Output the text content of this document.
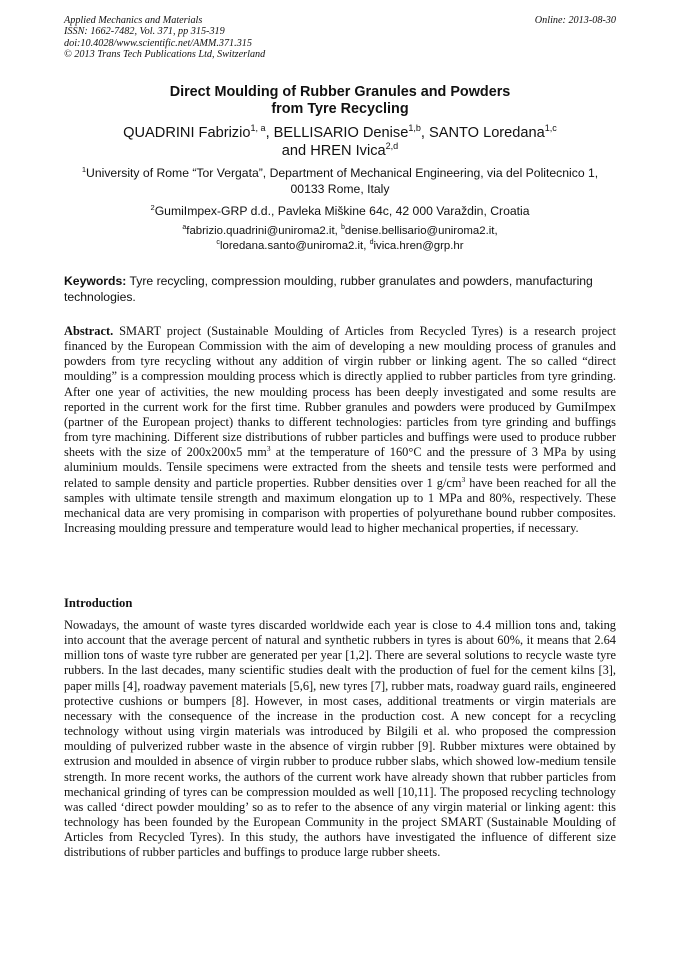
Applied Mechanics and Materials
ISSN: 1662-7482, Vol. 371, pp 315-319
doi:10.4028/www.scientific.net/AMM.371.315
© 2013 Trans Tech Publications Ltd, Switzerland
Online: 2013-08-30
Direct Moulding of Rubber Granules and Powders
from Tyre Recycling
QUADRINI Fabrizio$^{1, a}$, BELLISARIO Denise$^{1,b}$, SANTO Loredana$^{1,c}$
and HREN Ivica$^{2,d}$
$^1$University of Rome “Tor Vergata”, Department of Mechanical Engineering, via del Politecnico 1, 00133 Rome, Italy
$^2$GumiImpex-GRP d.d., Pavleka Miškine 64c, 42 000 Varaždin, Croatia
$^a$fabrizio.quadrini@uniroma2.it, $^b$denise.bellisario@uniroma2.it,
$^c$loredana.santo@uniroma2.it, $^d$ivica.hren@grp.hr
Keywords: Tyre recycling, compression moulding, rubber granulates and powders, manufacturing technologies.
Abstract. SMART project (Sustainable Moulding of Articles from Recycled Tyres) is a research project financed by the European Commission with the aim of developing a new moulding process of granules and powders from tyre recycling without any addition of virgin rubber or linking agent. The so called “direct moulding” is a compression moulding process which is directly applied to rubber particles from tyre grinding. After one year of activities, the new moulding process has been deeply investigated and some results are reported in the current work for the first time. Rubber granules and powders were produced by GumiImpex (partner of the European project) thanks to different technologies: particles from tyre grinding and buffings from tyre machining. Different size distributions of rubber particles and buffings were used to produce rubber sheets with the size of 200x200x5 $mm^3$ at the temperature of 160°C and the pressure of 3 MPa by using aluminium moulds. Tensile specimens were extracted from the sheets and tensile tests were performed and related to sample density and particle properties. Rubber densities over 1 $g/cm^3$ have been reached for all the samples with ultimate tensile strength and maximum elongation up to 1 MPa and 80%, respectively. These mechanical data are very promising in comparison with properties of polyurethane bound rubber composites. Increasing moulding pressure and temperature would lead to higher mechanical properties, if necessary.
Introduction
Nowadays, the amount of waste tyres discarded worldwide each year is close to 4.4 million tons and, taking into account that the average percent of natural and synthetic rubbers in tyres is about 60%, it means that 2.64 million tons of waste tyre rubber are generated per year [1,2]. There are several solutions to recycle waste tyre rubbers. In the last decades, many scientific studies dealt with the production of fuel for the cement kilns [3], paper mills [4], roadway pavement materials [5,6], new tyres [7], rubber mats, roadway guard rails, engineered protective cushions or bumpers [8]. However, in most cases, additional treatments or virgin materials are necessary with the consequence of the increase in the production cost. A new concept for a recycling technology without using virgin materials was introduced by Bilgili et al. who proposed the compression moulding of pulverized rubber waste in the absence of virgin rubber [9]. Rubber mixtures were obtained by extrusion and moulded in absence of virgin rubber to produce rubber slabs, which showed low-medium tensile strength. In more recent works, the authors of the current work have already shown that rubber particles from mechanical grinding of tyres can be compression moulded as well [10,11]. The proposed recycling technology was called ‘direct powder moulding’ so as to refer to the absence of any virgin material or linking agent: this technology has been founded by the European Community in the project SMART (Sustainable Moulding of Articles from Recycled Tyres). In this study, the authors have investigated the influence of different size distributions of rubber particles and buffings to produce large rubber sheets.
